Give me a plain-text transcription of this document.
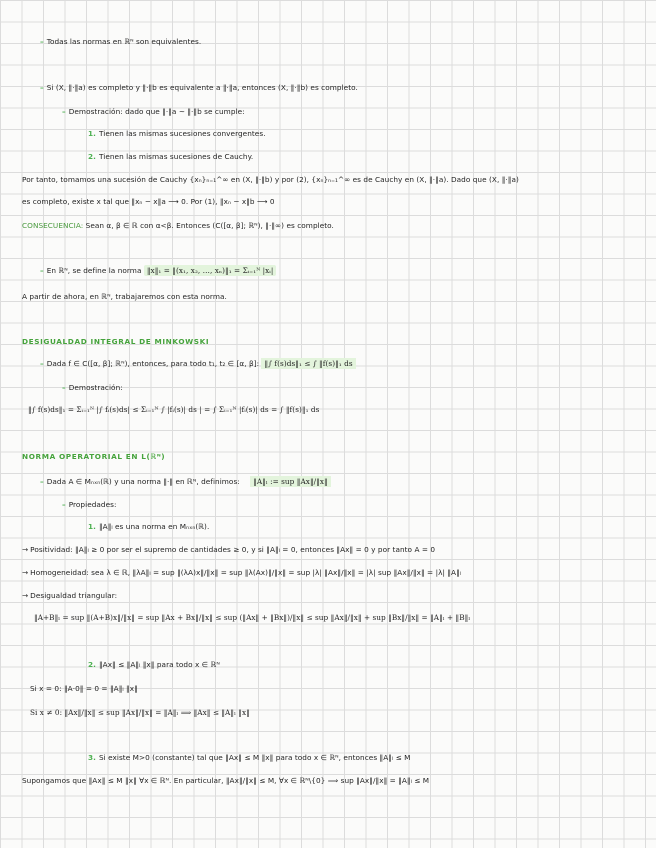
– Todas las normas en ℝᴺ son equivalentes.
– Si (X, ‖·‖a) es completo y ‖·‖b es equivalente a ‖·‖a, entonces (X, ‖·‖b) es completo.
– Demostración: dado que ‖·‖a ~ ‖·‖b se cumple:
1. Tienen las mismas sucesiones convergentes.
2. Tienen las mismas sucesiones de Cauchy.
Por tanto, tomamos una sucesión de Cauchy {xₙ}ₙ₌₁^∞ en (X, ‖·‖b) y por (2), {xₙ}ₙ₌₁^∞ es de Cauchy en (X, ‖·‖a). Dado que (X, ‖·‖a)
es completo, existe x tal que ‖xₙ − x‖a ⟶ 0. Por (1), ‖xₙ − x‖b ⟶ 0
CONSECUENCIA: Sean α, β ∈ ℝ con α<β. Entonces (C([α, β]; ℝᴺ), ‖·‖∞) es completo.
– En ℝᴺ, se define la norma ‖x‖₁ = ‖(x₁, x₂, …, xₙ)‖₁ = Σᵢ₌₁ᴺ |xᵢ|
A partir de ahora, en ℝᴺ, trabajaremos con esta norma.
DESIGUALDAD INTEGRAL DE MINKOWSKI
– Dada f ∈ C([α, β]; ℝᴺ), entonces, para todo t₁, t₂ ∈ [α, β]: ‖∫ f(s)ds‖₁ ≤ ∫ ‖f(s)‖₁ ds
– Demostración:
‖∫ f(s)ds‖₁ = Σᵢ₌₁ᴺ |∫ fᵢ(s)ds| ≤ Σᵢ₌₁ᴺ ∫ |fᵢ(s)| ds | = ∫ Σᵢ₌₁ᴺ |fᵢ(s)| ds = ∫ ‖f(s)‖₁ ds
NORMA OPERATORIAL EN L(ℝᴺ)
– Dada A ∈ Mₙₓₙ(ℝ) y una norma ‖·‖ en ℝᴺ, definimos: ‖A‖ₗ := sup ‖Ax‖/‖x‖
– Propiedades:
1. ‖A‖ₗ es una norma en Mₙₓₙ(ℝ).
→ Positividad: ‖A‖ₗ ≥ 0 por ser el supremo de cantidades ≥ 0, y si ‖A‖ₗ = 0, entonces ‖Ax‖ = 0 y por tanto A = 0
→ Homogeneidad: sea λ ∈ ℝ, ‖λA‖ₗ = sup ‖(λA)x‖/‖x‖ = sup ‖λ(Ax)‖/‖x‖ = sup |λ| ‖Ax‖/‖x‖ = |λ| sup ‖Ax‖/‖x‖ = |λ| ‖A‖ₗ
→ Desigualdad triangular:
‖A+B‖ₗ = sup ‖(A+B)x‖/‖x‖ = sup ‖Ax + Bx‖/‖x‖ ≤ sup (‖Ax‖ + ‖Bx‖)/‖x‖ ≤ sup ‖Ax‖/‖x‖ + sup ‖Bx‖/‖x‖ = ‖A‖ₗ + ‖B‖ₗ
2. ‖Ax‖ ≤ ‖A‖ₗ ‖x‖ para todo x ∈ ℝᴺ
Si x = 0: ‖A·0‖ = 0 = ‖A‖ₗ ‖x‖
Si x ≠ 0: ‖Ax‖/‖x‖ ≤ sup ‖Ax‖/‖x‖ = ‖A‖ₗ ⟹ ‖Ax‖ ≤ ‖A‖ₗ ‖x‖
3. Si existe M>0 (constante) tal que ‖Ax‖ ≤ M ‖x‖ para todo x ∈ ℝᴺ, entonces ‖A‖ₗ ≤ M
Supongamos que ‖Ax‖ ≤ M ‖x‖ ∀x ∈ ℝᴺ. En particular, ‖Ax‖/‖x‖ ≤ M, ∀x ∈ ℝᴺ\{0} ⟹ sup ‖Ax‖/‖x‖ = ‖A‖ₗ ≤ M
